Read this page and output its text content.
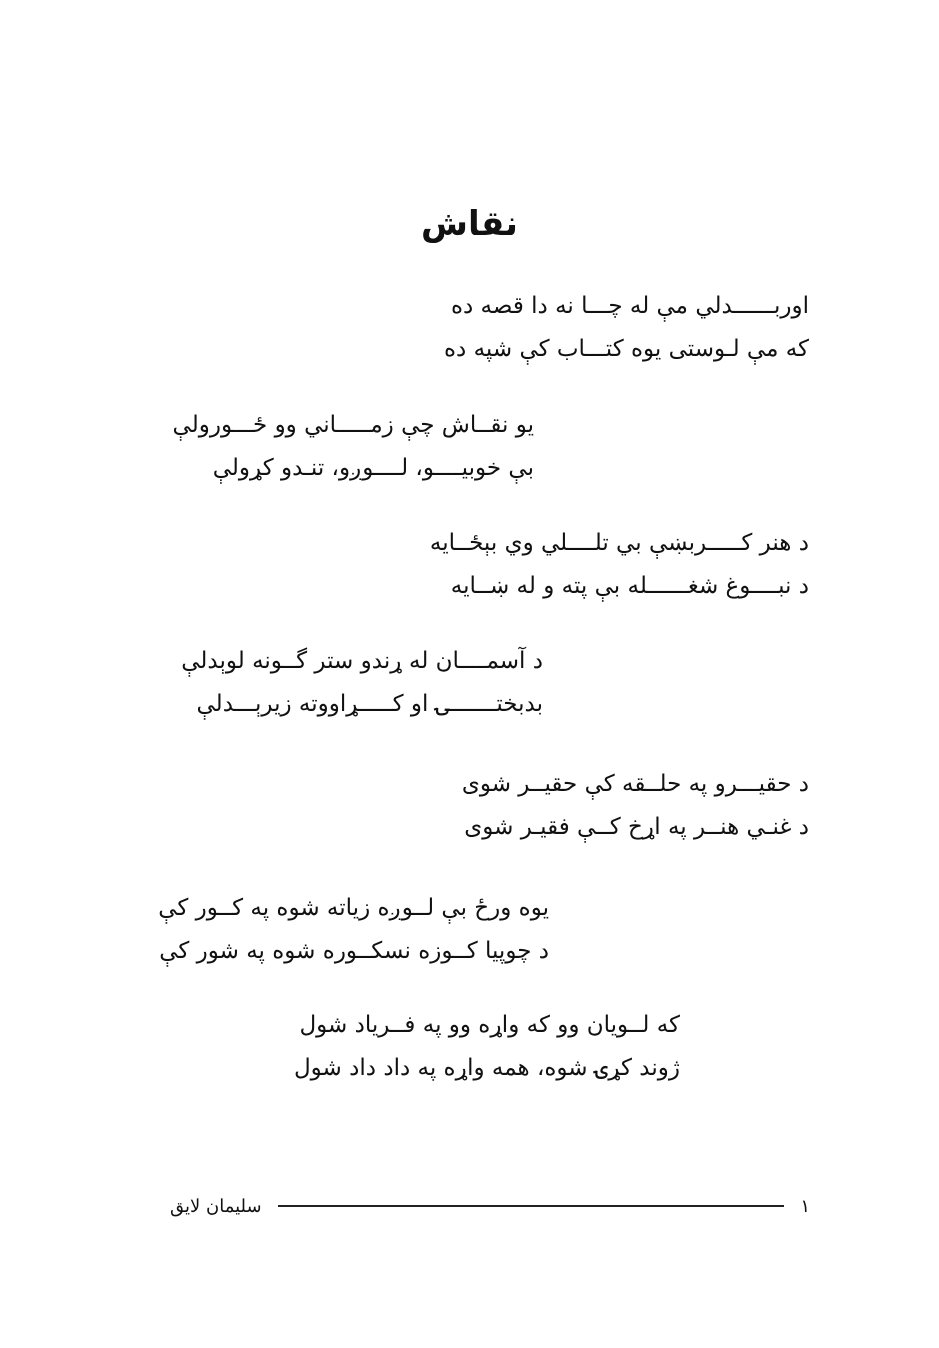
نقاش
اوربــــــدلي مې له چـــا نه دا قصه ده
که مې لـوستی یوه کتـــاب کې شپه ده
یو نقــاش چې زمـــــاني وو ځـــورولې
بې خوبیــــو، لــــوږو، تنـدو کړولې
د هنر کـــــربښې بي تلــــلي وي بېځــایه
د نبــــوغ شغــــــله بې پته و له ښــایه
د آسمــــان له ړندو ستر گــونه لوېدلې
بدبختـــــــۍ او کـــــړاووته زیرېـــدلې
د حقیـــرو په حلــقه کې حقیــر شوی
د غنـي هنــر په اړخ کــې فقیـر شوی
یوه ورځ بې لــوږه زیاته شوه په کــور کې
د چوپیا کــوزه نسکــوره شوه په شور کې
که لــویان وو که واړه وو په فــریاد شول
ژوند کړۍ شوه، همه واړه په داد داد شول
۱
سلیمان لایق
